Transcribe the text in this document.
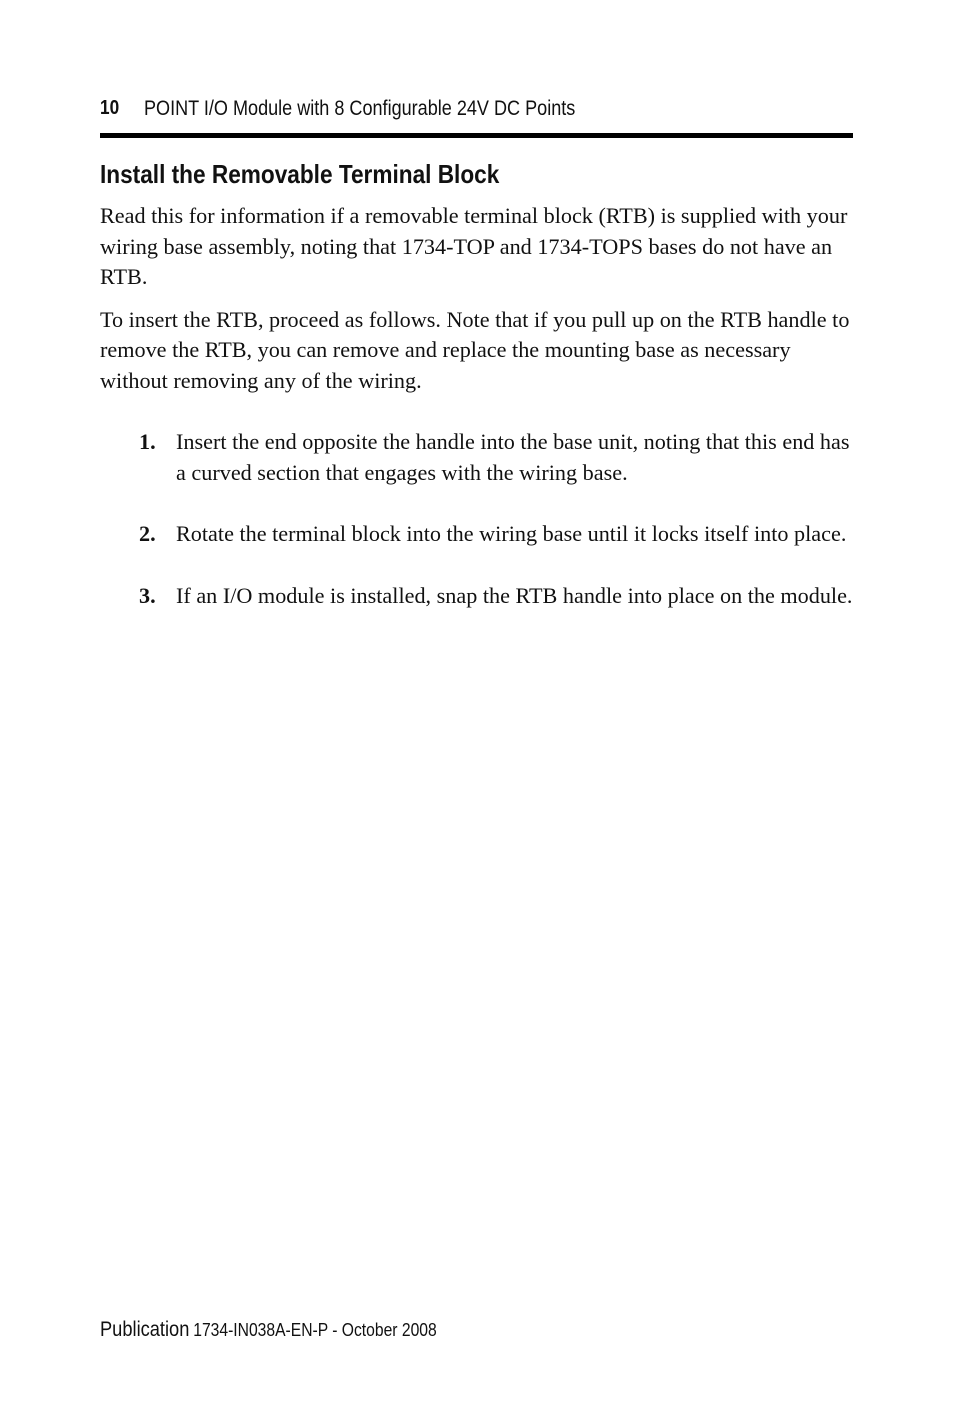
10 POINT I/O Module with 8 Configurable 24V DC Points
Install the Removable Terminal Block

Read this for information if a removable terminal block (RTB) is supplied with your wiring base assembly, noting that 1734-TOP and 1734-TOPS bases do not have an RTB.

To insert the RTB, proceed as follows. Note that if you pull up on the RTB handle to remove the RTB, you can remove and replace the mounting base as necessary without removing any of the wiring.

1. Insert the end opposite the handle into the base unit, noting that this end has a curved section that engages with the wiring base.
2. Rotate the terminal block into the wiring base until it locks itself into place.
3. If an I/O module is installed, snap the RTB handle into place on the module.
Publication 1734-IN038A-EN-P - October 2008
